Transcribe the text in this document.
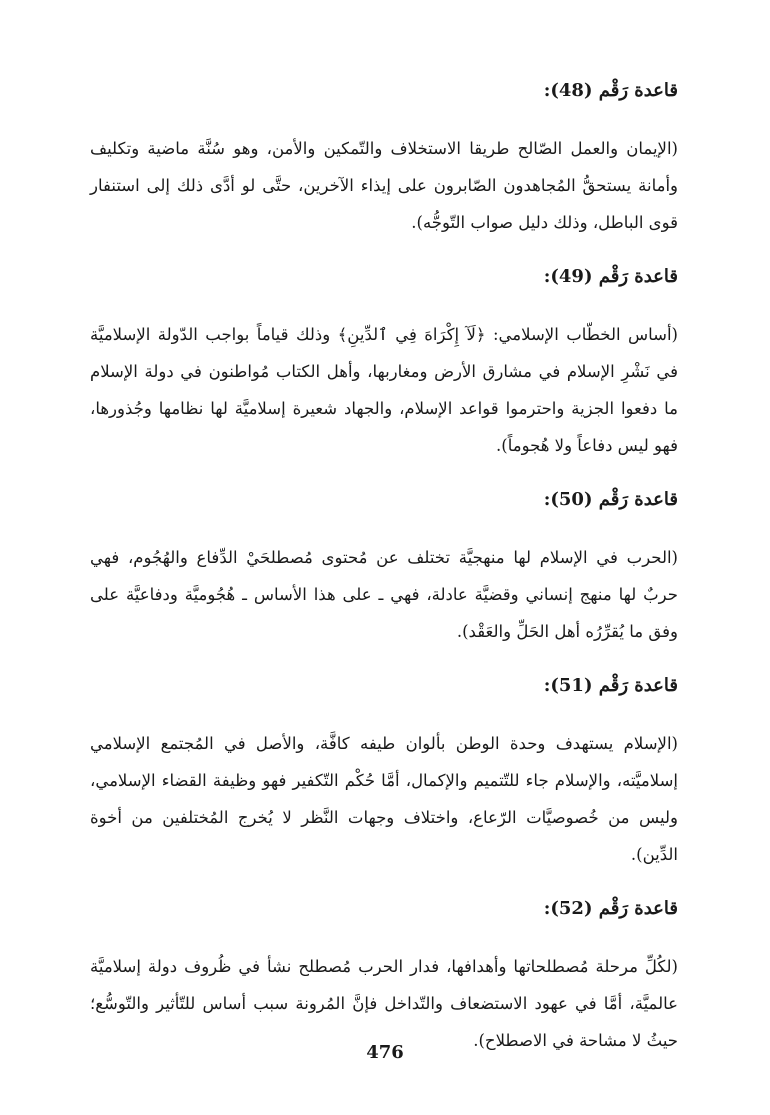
قاعدة رَقْم (48):

(الإيمان والعمل الصّالح طريقا الاستخلاف والتّمكين والأمن، وهو سُنَّة ماضية وتكليف وأمانة يستحقُّ المُجاهدون الصّابرون على إيذاء الآخرين، حتَّى لو أدَّى ذلك إلى استنفار قوى الباطل، وذلك دليل صواب التّوجُّه).

قاعدة رَقْم (49):

(أساس الخطّاب الإسلامي: ﴿لَآ إِكْرَاهَ فِي ٱلدِّينِ﴾ وذلك قياماً بواجب الدّولة الإسلاميَّة في نَشْرِ الإسلام في مشارق الأرض ومغاربها، وأهل الكتاب مُواطنون في دولة الإسلام ما دفعوا الجزية واحترموا قواعد الإسلام، والجهاد شعيرة إسلاميَّة لها نظامها وجُذورها، فهو ليس دفاعاً ولا هُجوماً).

قاعدة رَقْم (50):

(الحرب في الإسلام لها منهجيَّة تختلف عن مُحتوى مُصطلحَيْ الدِّفاع والهُجُوم، فهي حربٌ لها منهج إنساني وقضيَّة عادلة، فهي ـ على هذا الأساس ـ هُجُوميَّة ودفاعيَّة على وفق ما يُقرِّرُه أهل الحَلِّ والعَقْد).

قاعدة رَقْم (51):

(الإسلام يستهدف وحدة الوطن بألوان طيفه كافَّة، والأصل في المُجتمع الإسلامي إسلاميَّته، والإسلام جاء للتّتميم والإكمال، أمَّا حُكْم التّكفير فهو وظيفة القضاء الإسلامي، وليس من خُصوصيَّات الرّعاع، واختلاف وجهات النَّظر لا يُخرج المُختلفين من أخوة الدِّين).

قاعدة رَقْم (52):

(لكُلِّ مرحلة مُصطلحاتها وأهدافها، فدار الحرب مُصطلح نشأ في ظُروف دولة إسلاميَّة عالميَّة، أمَّا في عهود الاستضعاف والتّداخل فإنَّ المُرونة سبب أساس للتّأثير والتّوسُّع؛ حيثُ لا مشاحة في الاصطلاح).

476
